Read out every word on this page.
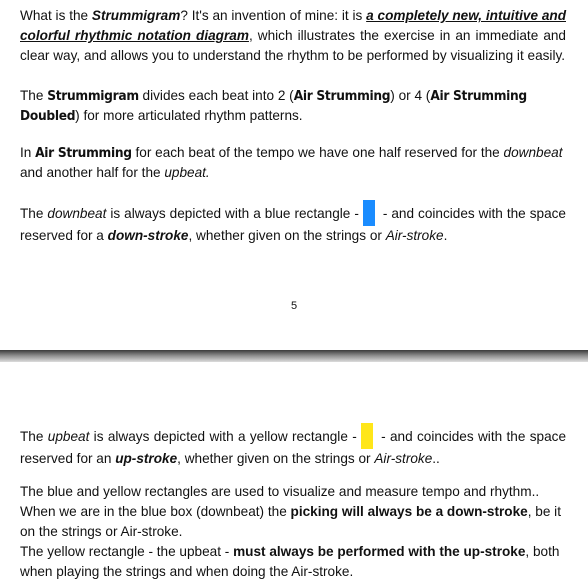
What is the Strummigram? It's an invention of mine: it is a completely new, intuitive and colorful rhythmic notation diagram, which illustrates the exercise in an immediate and clear way, and allows you to understand the rhythm to be performed by visualizing it easily.

The Strummigram divides each beat into 2 (Air Strumming) or 4 (Air Strumming Doubled) for more articulated rhythm patterns.

In Air Strumming for each beat of the tempo we have one half reserved for the downbeat and another half for the upbeat.

The downbeat is always depicted with a blue rectangle - - and coincides with the space reserved for a down-stroke, whether given on the strings or Air-stroke.

5

The upbeat is always depicted with a yellow rectangle - - and coincides with the space reserved for an up-stroke, whether given on the strings or Air-stroke..

The blue and yellow rectangles are used to visualize and measure tempo and rhythm..
When we are in the blue box (downbeat) the picking will always be a down-stroke, be it on the strings or Air-stroke.
The yellow rectangle - the upbeat - must always be performed with the up-stroke, both when playing the strings and when doing the Air-stroke.
